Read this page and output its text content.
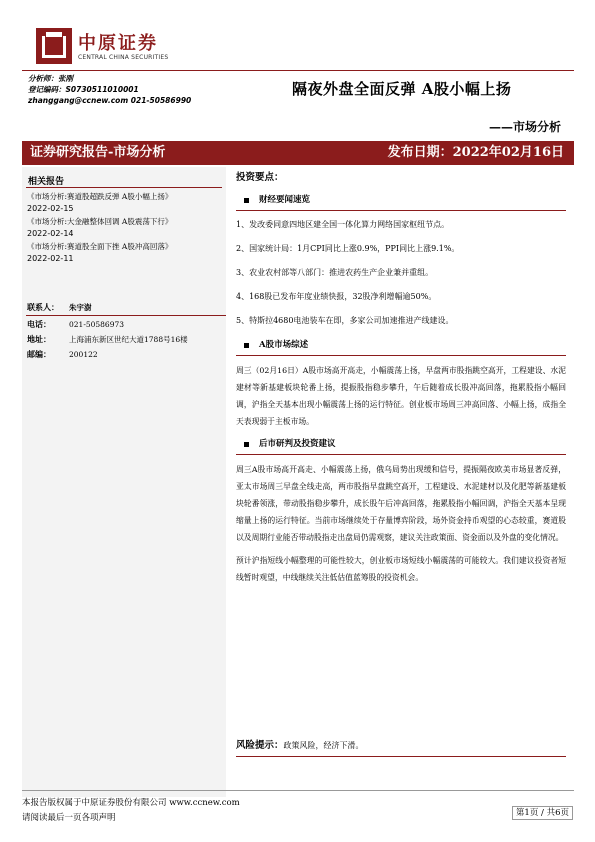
中原证券
CENTRAL CHINA SECURITIES
分析师：张刚
登记编码：S0730511010001
zhanggang@ccnew.com 021-50586990
隔夜外盘全面反弹 A股小幅上扬
——市场分析
证券研究报告-市场分析	发布日期：2022年02月16日
相关报告
《市场分析:赛道股超跌反弹 A股小幅上扬》
2022-02-15
《市场分析:大金融整体回调 A股震荡下行》
2022-02-14
《市场分析:赛道股全面下挫 A股冲高回落》
2022-02-11
联系人：	朱宇澍
电话：	021-50586973
地址：	上海浦东新区世纪大道1788号16楼
邮编：	200122
投资要点：
财经要闻速览

1、发改委同意四地区建全国一体化算力网络国家枢纽节点。

2、国家统计局：1月CPI同比上涨0.9%，PPI同比上涨9.1%。

3、农业农村部等八部门：推进农药生产企业兼并重组。

4、168股已发布年度业绩快报，32股净利增幅逾50%。

5、特斯拉4680电池装车在即，多家公司加速推进产线建设。

A股市场综述
周三（02月16日）A股市场高开高走，小幅震荡上扬，早盘两市股指跳空高开，工程建设、水泥建材等新基建板块轮番上扬，提振股指稳步攀升，午后随着成长股冲高回落，拖累股指小幅回调，沪指全天基本出现小幅震荡上扬的运行特征。创业板市场周三冲高回落、小幅上扬，成指全天表现弱于主板市场。
后市研判及投资建议
周三A股市场高开高走、小幅震荡上扬，俄乌局势出现缓和信号，提振隔夜欧美市场显著反弹，亚太市场周三早盘全线走高，两市股指早盘跳空高开，工程建设、水泥建材以及化肥等新基建板块轮番领涨，带动股指稳步攀升，成长股午后冲高回落，拖累股指小幅回调，沪指全天基本呈现缩量上扬的运行特征。当前市场继续处于存量博弈阶段，场外资金持币观望的心态较重，赛道股以及周期行业能否带动股指走出盘局仍需观察，建议关注政策面、资金面以及外盘的变化情况。
预计沪指短线小幅整理的可能性较大，创业板市场短线小幅震荡的可能较大。我们建议投资者短线暂时观望，中线继续关注低估值蓝筹股的投资机会。
风险提示：政策风险，经济下滑。
本报告版权属于中原证券股份有限公司 www.ccnew.com
请阅读最后一页各项声明	第1页 / 共6页
